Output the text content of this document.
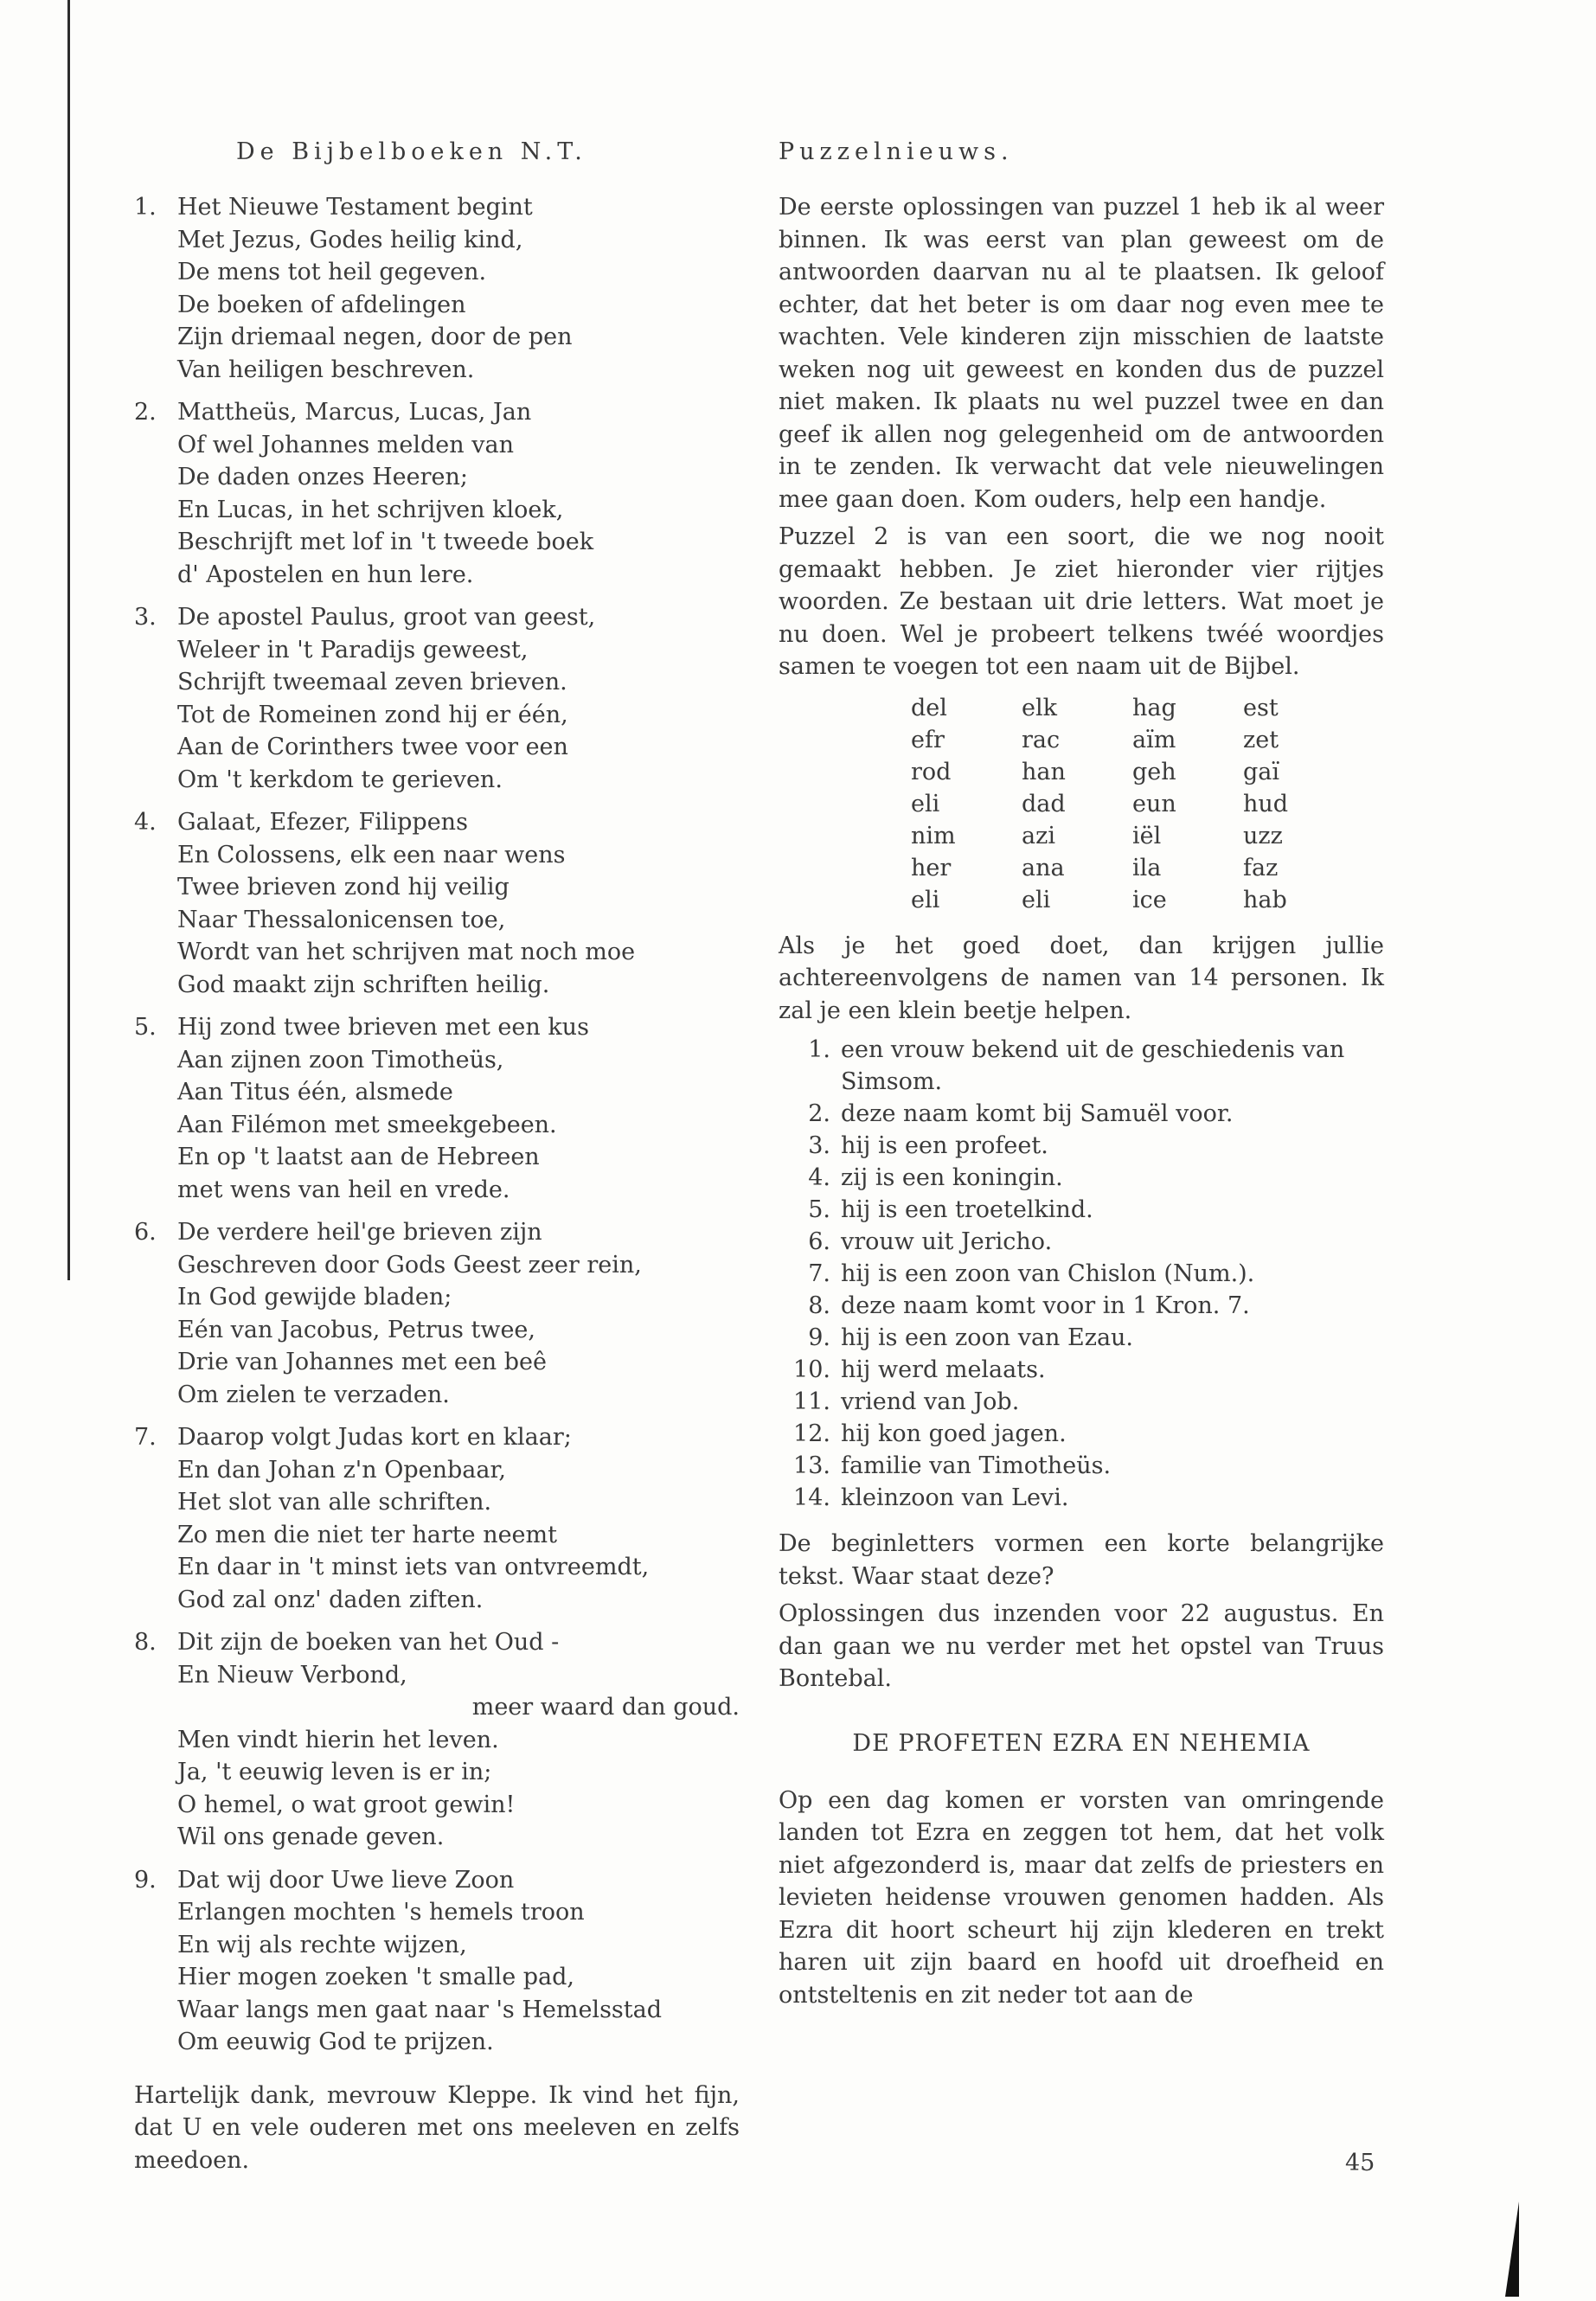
De Bijbelboeken N.T.
1. Het Nieuwe Testament begint
Met Jezus, Godes heilig kind,
De mens tot heil gegeven.
De boeken of afdelingen
Zijn driemaal negen, door de pen
Van heiligen beschreven.
2. Mattheüs, Marcus, Lucas, Jan
Of wel Johannes melden van
De daden onzes Heeren;
En Lucas, in het schrijven kloek,
Beschrijft met lof in 't tweede boek
d' Apostelen en hun lere.
3. De apostel Paulus, groot van geest,
Weleer in 't Paradijs geweest,
Schrijft tweemaal zeven brieven.
Tot de Romeinen zond hij er één,
Aan de Corinthers twee voor een
Om 't kerkdom te gerieven.
4. Galaat, Efezer, Filippens
En Colossens, elk een naar wens
Twee brieven zond hij veilig
Naar Thessalonicensen toe,
Wordt van het schrijven mat noch moe
God maakt zijn schriften heilig.
5. Hij zond twee brieven met een kus
Aan zijnen zoon Timotheüs,
Aan Titus één, alsmede
Aan Filémon met smeekgebeen.
En op 't laatst aan de Hebreen
met wens van heil en vrede.
6. De verdere heil'ge brieven zijn
Geschreven door Gods Geest zeer rein,
In God gewijde bladen;
Eén van Jacobus, Petrus twee,
Drie van Johannes met een beê
Om zielen te verzaden.
7. Daarop volgt Judas kort en klaar;
En dan Johan z'n Openbaar,
Het slot van alle schriften.
Zo men die niet ter harte neemt
En daar in 't minst iets van ontvreemdt,
God zal onz' daden ziften.
8. Dit zijn de boeken van het Oud -
En Nieuw Verbond,
meer waard dan goud.
Men vindt hierin het leven.
Ja, 't eeuwig leven is er in;
O hemel, o wat groot gewin!
Wil ons genade geven.
9. Dat wij door Uwe lieve Zoon
Erlangen mochten 's hemels troon
En wij als rechte wijzen,
Hier mogen zoeken 't smalle pad,
Waar langs men gaat naar 's Hemelsstad
Om eeuwig God te prijzen.

Hartelijk dank, mevrouw Kleppe. Ik vind het fijn, dat U en vele ouderen met ons meeleven en zelfs meedoen.

Puzzelnieuws.

De eerste oplossingen van puzzel 1 heb ik al weer binnen. Ik was eerst van plan geweest om de antwoorden daarvan nu al te plaatsen. Ik geloof echter, dat het beter is om daar nog even mee te wachten. Vele kinderen zijn misschien de laatste weken nog uit geweest en konden dus de puzzel niet maken. Ik plaats nu wel puzzel twee en dan geef ik allen nog gelegenheid om de antwoorden in te zenden. Ik verwacht dat vele nieuwelingen mee gaan doen. Kom ouders, help een handje.

Puzzel 2 is van een soort, die we nog nooit gemaakt hebben. Je ziet hieronder vier rijtjes woorden. Ze bestaan uit drie letters. Wat moet je nu doen. Wel je probeert telkens twéé woordjes samen te voegen tot een naam uit de Bijbel.

del	elk	hag	est
efr	rac	aïm	zet
rod	han	geh	gaï
eli	dad	eun	hud
nim	azi	iël	uzz
her	ana	ila	faz
eli	eli	ice	hab

Als je het goed doet, dan krijgen jullie achtereenvolgens de namen van 14 personen. Ik zal je een klein beetje helpen.

1. een vrouw bekend uit de geschiedenis van Simsom.
2. deze naam komt bij Samuël voor.
3. hij is een profeet.
4. zij is een koningin.
5. hij is een troetelkind.
6. vrouw uit Jericho.
7. hij is een zoon van Chislon (Num.).
8. deze naam komt voor in 1 Kron. 7.
9. hij is een zoon van Ezau.
10. hij werd melaats.
11. vriend van Job.
12. hij kon goed jagen.
13. familie van Timotheüs.
14. kleinzoon van Levi.

De beginletters vormen een korte belangrijke tekst. Waar staat deze?

Oplossingen dus inzenden voor 22 augustus. En dan gaan we nu verder met het opstel van Truus Bontebal.

DE PROFETEN EZRA EN NEHEMIA

Op een dag komen er vorsten van omringende landen tot Ezra en zeggen tot hem, dat het volk niet afgezonderd is, maar dat zelfs de priesters en levieten heidense vrouwen genomen hadden. Als Ezra dit hoort scheurt hij zijn klederen en trekt haren uit zijn baard en hoofd uit droefheid en ontsteltenis en zit neder tot aan de

45
